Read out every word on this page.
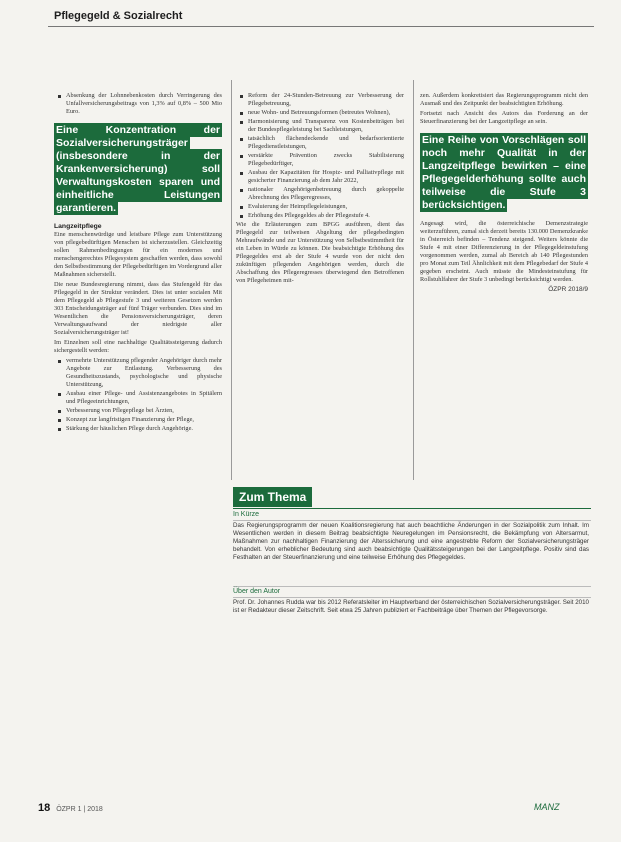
Pflegegeld & Sozialrecht
Absenkung der Lohnnebenkosten durch Verringerung des Unfallversicherungsbeitrags von 1,3% auf 0,8% – 500 Mio Euro.
Eine Konzentration der Sozialversicherungsträger (insbesondere in der Krankenversicherung) soll Verwaltungskosten sparen und einheitliche Leistungen garantieren.
Langzeitpflege

Eine menschenwürdige und leistbare Pflege zum Unterstützung von pflegebedürftigen Menschen ist sicherzustellen. Gleichzeitig sollen Rahmenbedingungen für ein modernes und menschengerechtes Pflegesystem geschaffen werden, dass sowohl den Selbstbestimmung der Pflegebedürftigen im Vordergrund aller Maßnahmen sicherstellt.

Die neue Bundesregierung nimmt, dass das Stufengeld für das Pflegegeld in der Struktur verändert. Dies ist unter sozialen Mit dem Pflegegeld ab Pflegestufe 3 und weiteren Gesetzen werden 303 Entscheidungsträger auf fünf Träger verbunden. Dies sind im Wesentlichen die Pensionsversicherungsträger, deren Verwaltungsaufwand der niedrigste aller Sozialversicherungsträger ist!

Im Einzelnen soll eine nachhaltige Qualitätssteigerung dadurch sichergestellt werden:

vermehrte Unterstützung pflegender Angehöriger durch mehr Angebote zur Entlastung. Verbesserung des Gesundheitszustands, psychologische und physische Unterstützung,
Ausbau einer Pflege- und Assistenzangebotes in Spitälern und Pflegeeinrichtungen,
Verbesserung von Pflegepflege bei Ärzten,
Konzept zur langfristigen Finanzierung der Pflege,
Stärkung der häuslichen Pflege durch Angehörige.
Reform der 24-Stunden-Betreuung zur Verbesserung der Pflegebetreuung,
neue Wohn- und Betreuungsformen (betreutes Wohnen),
Harmonisierung und Transparenz von Kostenbeiträgen bei der Bundespflegeleistung bei Sachleistungen,
tatsächlich flächendeckende und bedarfsorientierte Pflegedienstleistungen,
verstärkte Prävention zwecks Stabilisierung Pflegebedürftiger,
Ausbau der Kapazitäten für Hospiz- und Palliativpflege mit gesicherter Finanzierung ab dem Jahr 2022,
nationaler Angehörigenbetreuung durch gekoppelte Abrechnung des Pflegeregresses,
Evaluierung der Heimpflegeleistungen,
Erhöhung des Pflegegeldes ab der Pflegestufe 4.

Wie die Erläuterungen zum BPGG ausführen, dient das Pflegegeld zur teilweisen Abgeltung der pflegebedingten Mehraufwände und zur Unterstützung von Selbstbestimmtheit für ein Leben in Würde zu können. Die beabsichtigte Erhöhung des Pflegegeldes erst ab der Stufe 4 wurde von der nicht den zukünftigen pflegenden Angehörigen werden, durch die Abschaffung des Pflegeregresses überwiegend den Betroffenen von Pflegeheimen mit-

zen. Außerdem konkretisiert das Regierungsprogramm nicht den Ausmaß und des Zeitpunkt der beabsichtigten Erhöhung.

Fortsetzt nach Ansicht des Autors das Forderung an der Steuerfinanzierung bei der Langzeitpflege an sein.

Eine Reihe von Vorschlägen soll noch mehr Qualität in der Langzeitpflege bewirken – eine Pflegegelderhöhung sollte auch teilweise die Stufe 3 berücksichtigen.

Angesagt wird, die österreichische Demenzstrategie weiterzuführen, zumal sich derzeit bereits 130.000 Demenzkranke in Österreich befinden – Tendenz steigend. Weiters könnte die Stufe 4 mit einer Differenzierung in der Pflegegeldeinstufung vorgenommen werden, zumal ab Bereich ab 140 Pflegestunden pro Monat zum Teil Ähnlichkeit mit dem Pflegebedarf der Stufe 4 gegeben erscheint. Auch müsste die Mindesteinstufung für Rollstuhlfahrer der Stufe 3 unbedingt berücksichtigt werden.

ÖZPR 2018/9
Zum Thema
In Kürze
Das Regierungsprogramm der neuen Koalitionsregierung hat auch beachtliche Änderungen in der Sozialpolitik zum Inhalt. Im Wesentlichen werden in diesem Beitrag beabsichtigte Neuregelungen im Pensionsrecht, die Bekämpfung von Altersarmut, Maßnahmen zur nachhaltigen Finanzierung der Alterssicherung und eine angestrebte Reform der Sozialversicherungsträger behandelt. Von erheblicher Bedeutung sind auch beabsichtigte Qualitätssteigerungen bei der Langzeitpflege. Positiv sind das Festhalten an der Steuerfinanzierung und eine teilweise Erhöhung des Pflegegeldes.
Über den Autor
Prof. Dr. Johannes Rudda war bis 2012 Referatsleiter im Hauptverband der österreichischen Sozialversicherungsträger. Seit 2010 ist er Redakteur dieser Zeitschrift. Seit etwa 25 Jahren publiziert er Fachbeiträge über Themen der Pflegevorsorge.
18 ÖZPR 1 | 2018	MANZ
